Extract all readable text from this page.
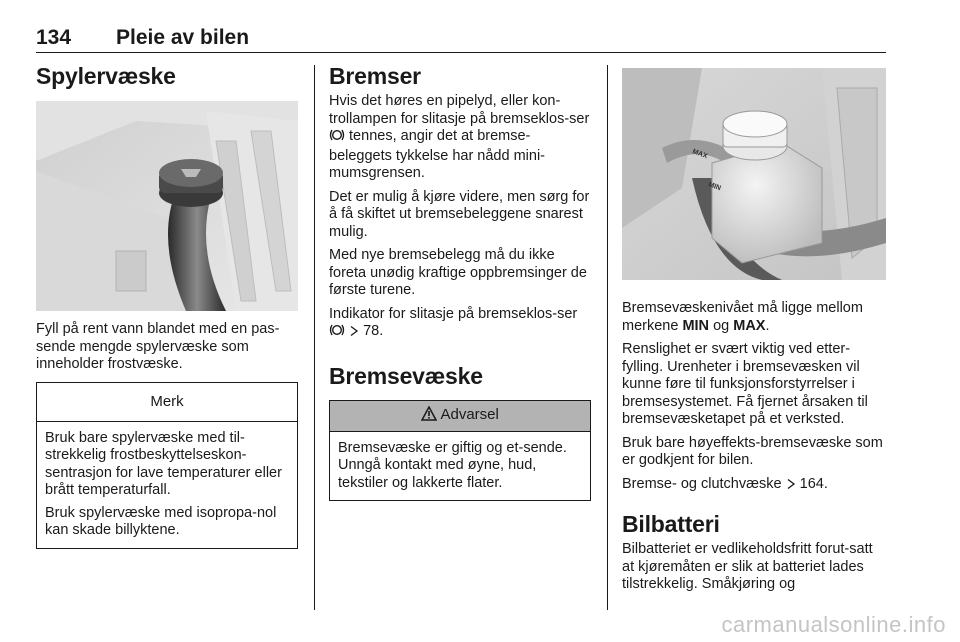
134 Pleie av bilen
Spylervæske

Fyll på rent vann blandet med en pas-sende mengde spylervæske som inneholder frostvæske.

Merk

Bruk bare spylervæske med til-strekkelig frostbeskyttelseskon-sentrasjon for lave temperaturer eller brått temperaturfall.

Bruk spylervæske med isopropa-nol kan skade billyktene.

Bremser

Hvis det høres en pipelyd, eller kon-trollampen for slitasje på bremseklos-ser  tennes, angir det at bremse-beleggets tykkelse har nådd mini-mumsgrensen.

Det er mulig å kjøre videre, men sørg for å få skiftet ut bremsebeleggene snarest mulig.

Med nye bremsebelegg må du ikke foreta unødig kraftige oppbremsinger de første turene.

Indikator for slitasje på bremseklos-ser   78.

Bremsevæske
Advarsel

Bremsevæske er giftig og et-sende. Unngå kontakt med øyne, hud, tekstiler og lakkerte flater.

MAX
MIN

Bremsevæskenivået må ligge mellom merkene MIN og MAX.

Renslighet er svært viktig ved etter-fylling. Urenheter i bremsevæsken vil kunne føre til funksjonsforstyrrelser i bremsesystemet. Få fjernet årsaken til bremsevæsketapet på et verksted.

Bruk bare høyeffekts-bremsevæske som er godkjent for bilen.

Bremse- og clutchvæske 164.

Bilbatteri

Bilbatteriet er vedlikeholdsfritt forut-satt at kjøremåten er slik at batteriet lades tilstrekkelig. Småkjøring og

carmanualsonline.info
